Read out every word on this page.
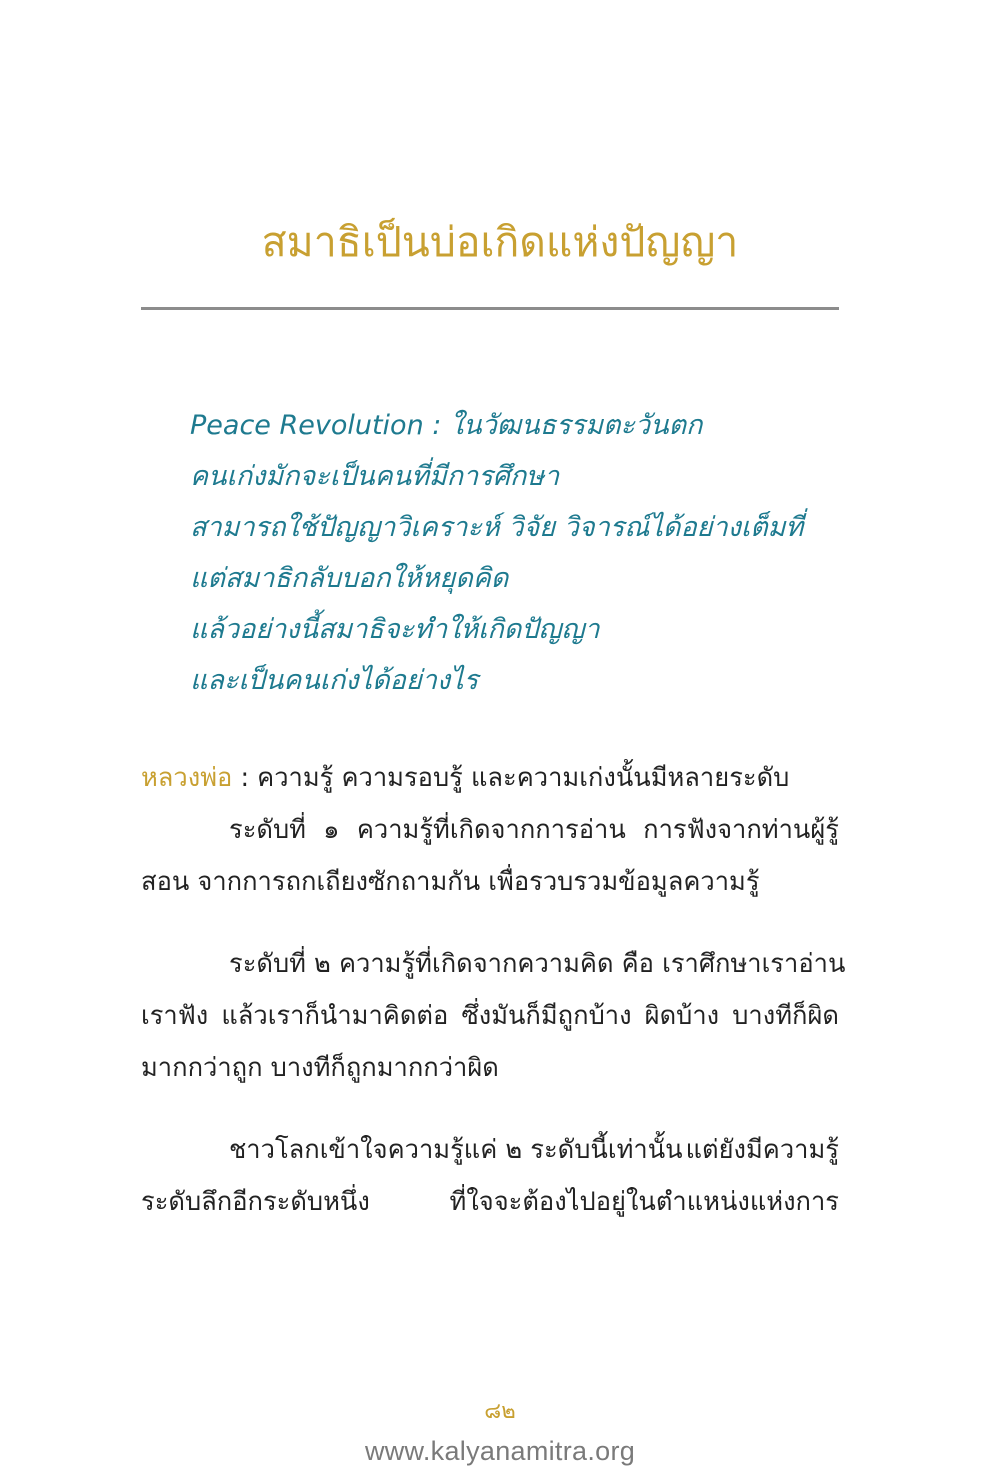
สมาธิเป็นบ่อเกิดแห่งปัญญา
Peace Revolution : ในวัฒนธรรมตะวันตก
คนเก่งมักจะเป็นคนที่มีการศึกษา
สามารถใช้ปัญญาวิเคราะห์ วิจัย วิจารณ์ได้อย่างเต็มที่
แต่สมาธิกลับบอกให้หยุดคิด
แล้วอย่างนี้สมาธิจะทำให้เกิดปัญญา
และเป็นคนเก่งได้อย่างไร
หลวงพ่อ : ความรู้ ความรอบรู้ และความเก่งนั้นมีหลายระดับ
ระดับที่ ๑ ความรู้ที่เกิดจากการอ่าน การฟังจากท่านผู้รู้
สอน จากการถกเถียงซักถามกัน เพื่อรวบรวมข้อมูลความรู้
ระดับที่ ๒ ความรู้ที่เกิดจากความคิด คือ เราศึกษา เราอ่าน
เราฟัง แล้วเราก็นำมาคิดต่อ ซึ่งมันก็มีถูกบ้าง ผิดบ้าง บางทีก็ผิด
มากกว่าถูก บางทีก็ถูกมากกว่าผิด
ชาวโลกเข้าใจความรู้แค่ ๒ ระดับนี้เท่านั้น แต่ยังมีความรู้
ระดับลึกอีกระดับหนึ่ง	ที่ใจจะต้องไปอยู่ในตำแหน่งแห่งการ
๘๒
www.kalyanamitra.org
